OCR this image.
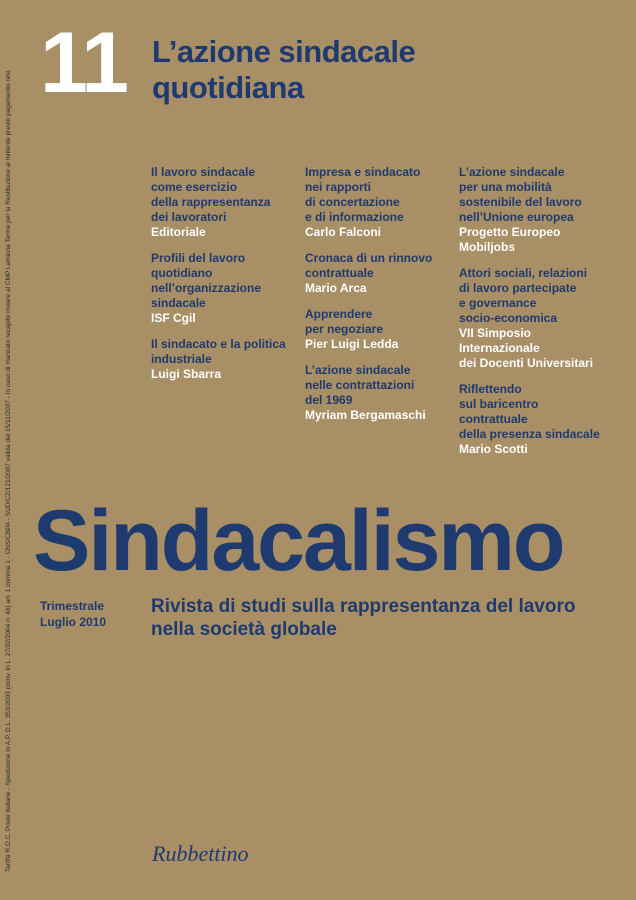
Tariffa R.O.C. Poste Italiane - Spedizione in A.P. D.L. 353/2003 (conv. in L. 27/02/2004 n. 46) art. 1 comma 1 - CNS/CBPA - SUD/CZ/121/2007 valida dal 15/11/2007 - In caso di mancato recapito inviare al CMP Lamezia Terme per la Restituzione al mittente previo pagamento resi.
11 L’azione sindacale quotidiana
Il lavoro sindacale
come esercizio
della rappresentanza
dei lavoratori
Editoriale
Profili del lavoro
quotidiano
nell’organizzazione
sindacale
ISF Cgil
Il sindacato e la politica
industriale
Luigi Sbarra
Impresa e sindacato
nei rapporti
di concertazione
e di informazione
Carlo Falconi
Cronaca di un rinnovo
contrattuale
Mario Arca
Apprendere
per negoziare
Pier Luigi Ledda
L’azione sindacale
nelle contrattazioni
del 1969
Myriam Bergamaschi
L’azione sindacale
per una mobilità
sostenibile del lavoro
nell’Unione europea
Progetto Europeo
Mobiljobs
Attori sociali, relazioni
di lavoro partecipate
e governance
socio-economica
VII Simposio
Internazionale
dei Docenti Universitari
Riflettendo
sul baricentro
contrattuale
della presenza sindacale
Mario Scotti
Sindacalismo
Trimestrale
Luglio 2010
Rivista di studi sulla rappresentanza del lavoro nella società globale
Rubbettino
